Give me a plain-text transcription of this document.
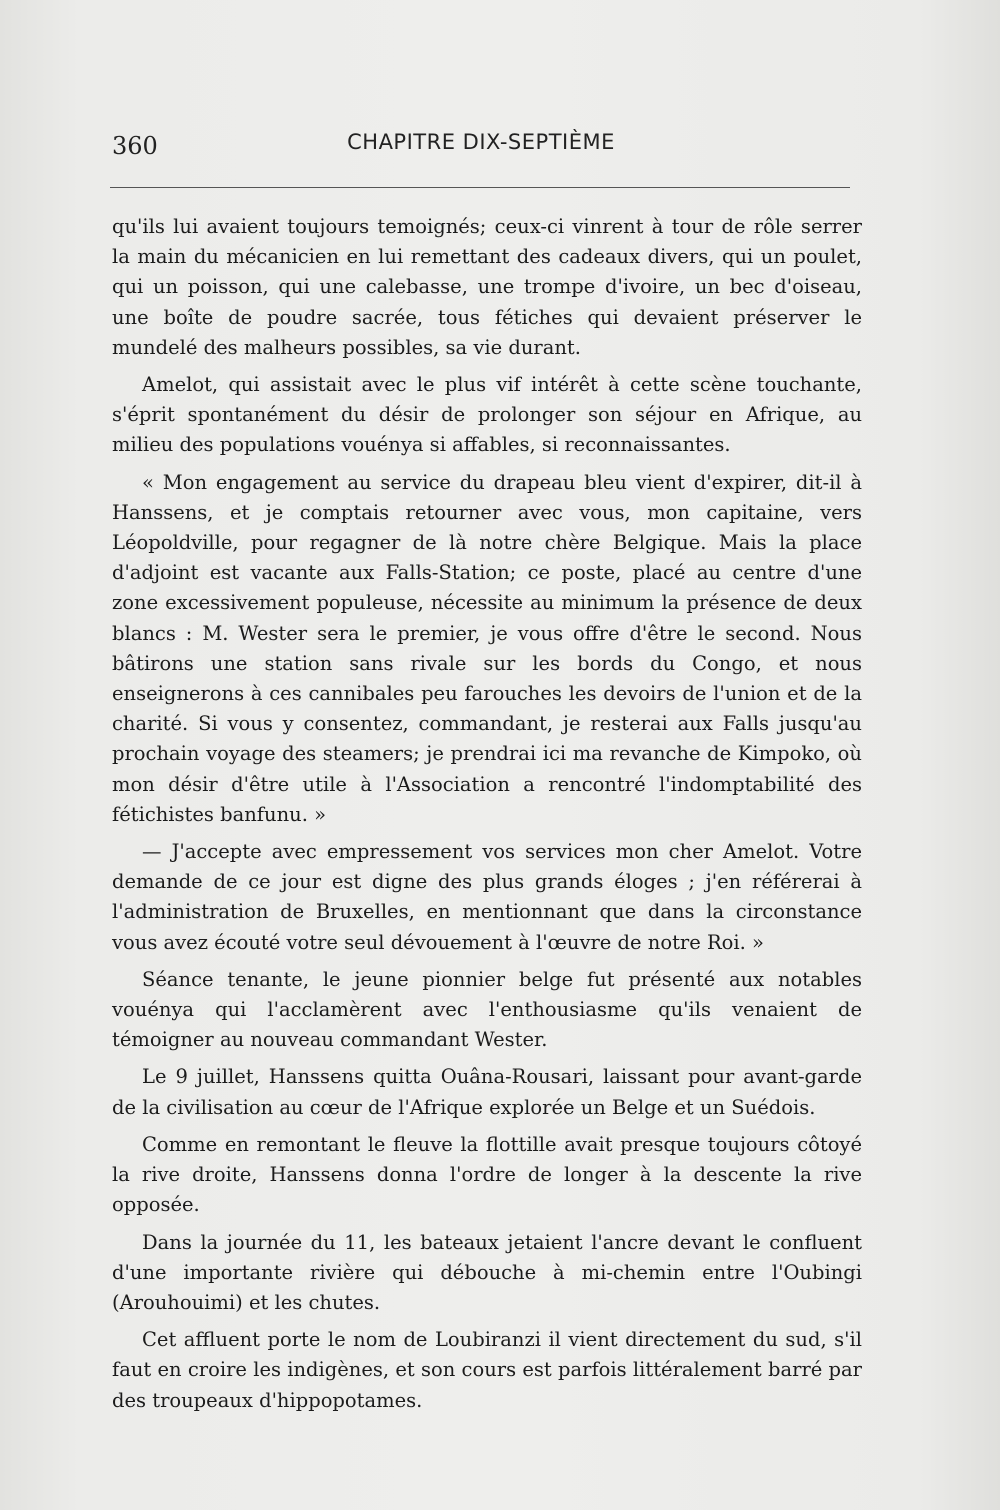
360	CHAPITRE DIX-SEPTIÈME

qu'ils lui avaient toujours temoignés; ceux-ci vinrent à tour de rôle serrer la main du mécanicien en lui remettant des cadeaux divers, qui un poulet, qui un poisson, qui une calebasse, une trompe d'ivoire, un bec d'oiseau, une boîte de poudre sacrée, tous fétiches qui devaient préserver le mundelé des malheurs possibles, sa vie durant.

Amelot, qui assistait avec le plus vif intérêt à cette scène touchante, s'éprit spontanément du désir de prolonger son séjour en Afrique, au milieu des populations vouénya si affables, si reconnaissantes.

« Mon engagement au service du drapeau bleu vient d'expirer, dit-il à Hanssens, et je comptais retourner avec vous, mon capitaine, vers Léopoldville, pour regagner de là notre chère Belgique. Mais la place d'adjoint est vacante aux Falls-Station; ce poste, placé au centre d'une zone excessivement populeuse, nécessite au minimum la présence de deux blancs : M. Wester sera le premier, je vous offre d'être le second. Nous bâtirons une station sans rivale sur les bords du Congo, et nous enseignerons à ces cannibales peu farouches les devoirs de l'union et de la charité. Si vous y consentez, commandant, je resterai aux Falls jusqu'au prochain voyage des steamers; je prendrai ici ma revanche de Kimpoko, où mon désir d'être utile à l'Association a rencontré l'indomptabilité des fétichistes banfunu. »

— J'accepte avec empressement vos services mon cher Amelot. Votre demande de ce jour est digne des plus grands éloges ; j'en référerai à l'administration de Bruxelles, en mentionnant que dans la circonstance vous avez écouté votre seul dévouement à l'œuvre de notre Roi. »

Séance tenante, le jeune pionnier belge fut présenté aux notables vouénya qui l'acclamèrent avec l'enthousiasme qu'ils venaient de témoigner au nouveau commandant Wester.

Le 9 juillet, Hanssens quitta Ouâna-Rousari, laissant pour avant-garde de la civilisation au cœur de l'Afrique explorée un Belge et un Suédois.

Comme en remontant le fleuve la flottille avait presque toujours côtoyé la rive droite, Hanssens donna l'ordre de longer à la descente la rive opposée.

Dans la journée du 11, les bateaux jetaient l'ancre devant le confluent d'une importante rivière qui débouche à mi-chemin entre l'Oubingi (Arouhouimi) et les chutes.

Cet affluent porte le nom de Loubiranzi il vient directement du sud, s'il faut en croire les indigènes, et son cours est parfois littéralement barré par des troupeaux d'hippopotames.
